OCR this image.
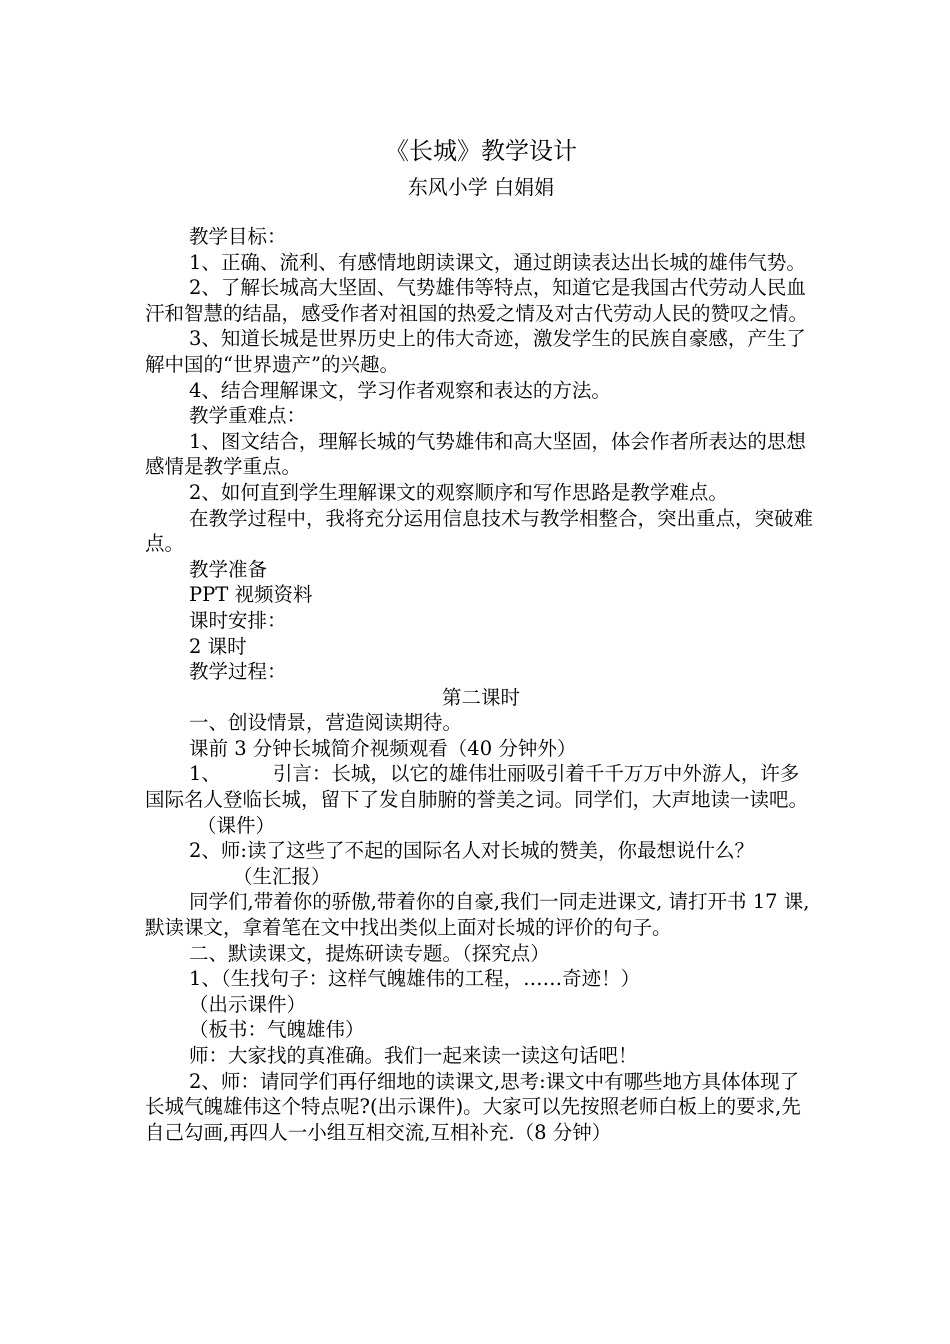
《长城》教学设计
东风小学 白娟娟

教学目标：

1、正确、流利、有感情地朗读课文，通过朗读表达出长城的雄伟气势。

2、了解长城高大坚固、气势雄伟等特点，知道它是我国古代劳动人民血汗和智慧的结晶，感受作者对祖国的热爱之情及对古代劳动人民的赞叹之情。

3、知道长城是世界历史上的伟大奇迹，激发学生的民族自豪感，产生了解中国的“世界遗产”的兴趣。

4、结合理解课文，学习作者观察和表达的方法。

教学重难点：

1、图文结合，理解长城的气势雄伟和高大坚固，体会作者所表达的思想感情是教学重点。

2、如何直到学生理解课文的观察顺序和写作思路是教学难点。

在教学过程中，我将充分运用信息技术与教学相整合，突出重点，突破难点。

教学准备

PPT 视频资料

课时安排：

2 课时

教学过程：

第二课时

一、创设情景，营造阅读期待。

课前 3 分钟长城简介视频观看（40 分钟外）

1、	引言：长城，以它的雄伟壮丽吸引着千千万万中外游人，许多国际名人登临长城，留下了发自肺腑的誉美之词。同学们，大声地读一读吧。

（课件）

2、师:读了这些了不起的国际名人对长城的赞美，你最想说什么？

（生汇报）

同学们,带着你的骄傲,带着你的自豪,我们一同走进课文, 请打开书 17 课,默读课文，拿着笔在文中找出类似上面对长城的评价的句子。

二、默读课文，提炼研读专题。（探究点）

1、（生找句子：这样气魄雄伟的工程，……奇迹！）

（出示课件）

（板书：气魄雄伟）

师：大家找的真准确。我们一起来读一读这句话吧！

2、师：请同学们再仔细地的读课文,思考:课文中有哪些地方具体体现了长城气魄雄伟这个特点呢?(出示课件)。大家可以先按照老师白板上的要求,先自己勾画,再四人一小组互相交流,互相补充.（8 分钟）
